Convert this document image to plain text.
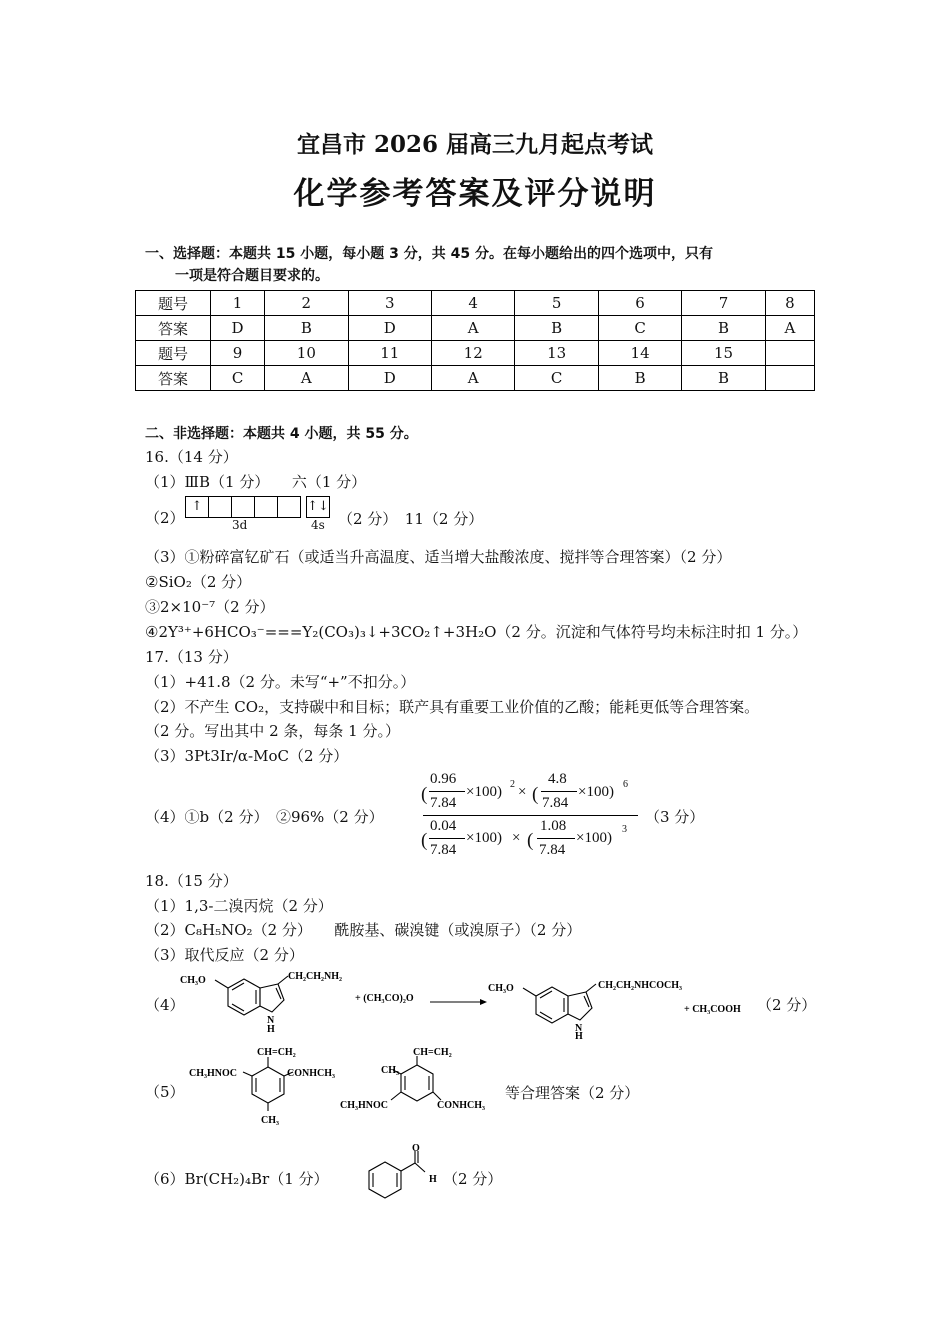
宜昌市 2026 届高三九月起点考试
化学参考答案及评分说明
一、选择题：本题共 15 小题，每小题 3 分，共 45 分。在每小题给出的四个选项中，只有
一项是符合题目要求的。
题号	1	2	3	4	5	6	7	8
答案	D	B	D	A	B	C	B	A
题号	9	10	11	12	13	14	15	
答案	C	A	D	A	C	B	B	
二、非选择题：本题共 4 小题，共 55 分。
16.（14 分）
（1）ⅢB（1 分）　　六（1 分）
（2）
↑	↑↓
3d	4s （2 分）　11（2 分）
（3）①粉碎富钇矿石（或适当升高温度、适当增大盐酸浓度、搅拌等合理答案）（2 分）
②SiO₂（2 分）
③2×10⁻⁷（2 分）
④2Y³⁺+6HCO₃⁻===Y₂(CO₃)₃↓+3CO₂↑+3H₂O（2 分。沉淀和气体符号均未标注时扣 1 分。）
17.（13 分）
（1）+41.8（2 分。未写“+”不扣分。）
（2）不产生 CO₂，支持碳中和目标；联产具有重要工业价值的乙酸；能耗更低等合理答案。
（2 分。写出其中 2 条，每条 1 分。）
（3）3Pt3Ir/α-MoC（2 分）
（4）①b（2 分）　②96%（2 分）
(
0.96
7.84
×100) 2 × (
4.8
7.84
×100) 6
(
0.04
7.84
×100) × (
1.08
7.84
×100)
3
（3 分）
18.（15 分）
（1）1,3-二溴丙烷（2 分）
（2）C₈H₅NO₂（2 分）　　酰胺基、碳溴键（或溴原子）（2 分）
（3）取代反应（2 分）
（4）
CH₃O	CH₂CH₂NH₂
N
H
+ (CH₃CO)₂O
CH₃O	CH₂CH₂NHCOCH₃
N
H
+ CH₃COOH （2 分）
（5）
CH=CH₂
CH₃HNOC	CONHCH₃
CH₃
CH=CH₂
CH₃
CH₃HNOC	CONHCH₃
等合理答案（2 分）
（6）Br(CH₂)₄Br（1 分）
O
H （2 分）
